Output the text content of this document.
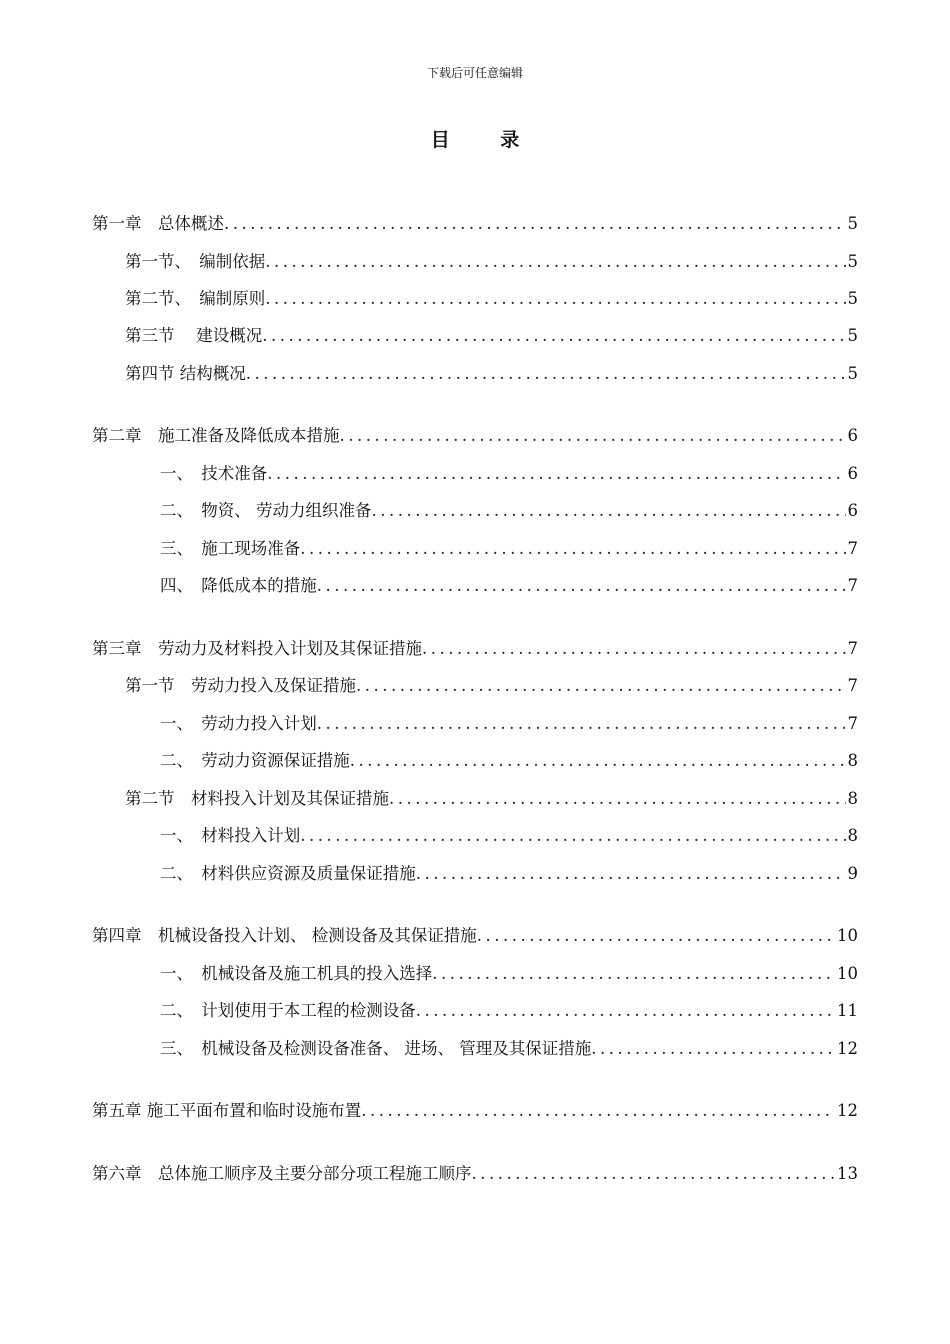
下载后可任意编辑
目 录
第一章　总体概述 .....	5
第一节、　编制依据 .....	5
第二节、　编制原则 .....	5
第三节　 建设概况 .....	5
第四节 结构概况 .....	5
第二章　施工准备及降低成本措施 .....	6
一、　技术准备 .....	6
二、　物资、 劳动力组织准备 .....	6
三、　施工现场准备 .....	7
四、　降低成本的措施 .....	7
第三章　劳动力及材料投入计划及其保证措施 .....	7
第一节　劳动力投入及保证措施 .....	7
一、　劳动力投入计划 .....	7
二、　劳动力资源保证措施 .....	8
第二节　材料投入计划及其保证措施 .....	8
一、　材料投入计划 .....	8
二、　材料供应资源及质量保证措施 .....	9
第四章　机械设备投入计划、 检测设备及其保证措施 .....	10
一、　机械设备及施工机具的投入选择 .....	10
二、　计划使用于本工程的检测设备 .....	11
三、　机械设备及检测设备准备、 进场、 管理及其保证措施 .....	12
第五章 施工平面布置和临时设施布置 .....	12
第六章　总体施工顺序及主要分部分项工程施工顺序 .....	13
